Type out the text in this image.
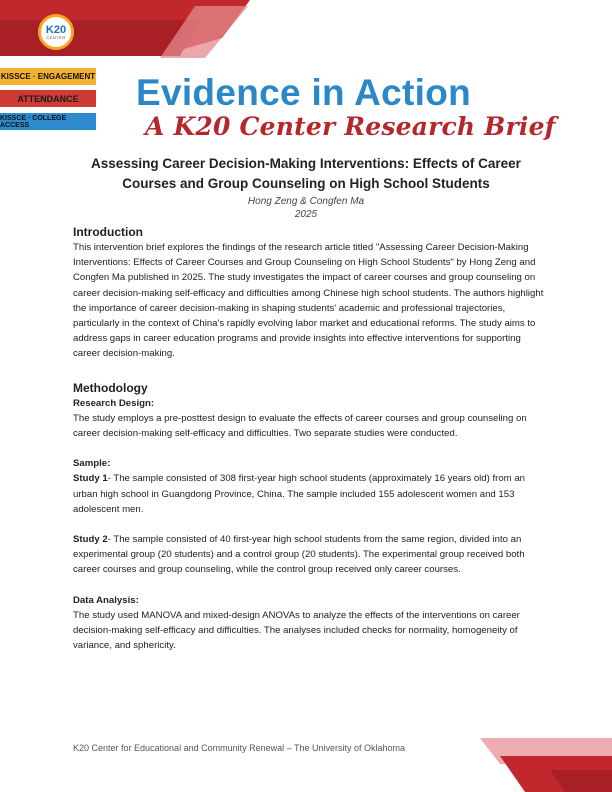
K20
CENTER
KISSCE · ENGAGEMENT
ATTENDANCE
KISSCE · COLLEGE ACCESS
Evidence in Action
A K20 Center Research Brief
Assessing Career Decision-Making Interventions: Effects of Career
Courses and Group Counseling on High School Students
Hong Zeng & Congfen Ma
2025
Introduction

This intervention brief explores the findings of the research article titled "Assessing Career Decision-Making Interventions: Effects of Career Courses and Group Counseling on High School Students" by Hong Zeng and Congfen Ma published in 2025. The study investigates the impact of career courses and group counseling on career decision-making self-efficacy and difficulties among Chinese high school students. The authors highlight the importance of career decision-making in shaping students' academic and professional trajectories, particularly in the context of China's rapidly evolving labor market and educational reforms. The study aims to address gaps in career education programs and provide insights into effective interventions for supporting career decision-making.

Methodology
Research Design:

The study employs a pre-posttest design to evaluate the effects of career courses and group counseling on career decision-making self-efficacy and difficulties. Two separate studies were conducted.

Sample:

Study 1- The sample consisted of 308 first-year high school students (approximately 16 years old) from an urban high school in Guangdong Province, China. The sample included 155 adolescent women and 153 adolescent men.

Study 2- The sample consisted of 40 first-year high school students from the same region, divided into an experimental group (20 students) and a control group (20 students). The experimental group received both career courses and group counseling, while the control group received only career courses.

Data Analysis:

The study used MANOVA and mixed-design ANOVAs to analyze the effects of the interventions on career decision-making self-efficacy and difficulties. The analyses included checks for normality, homogeneity of variance, and sphericity.

K20 Center for Educational and Community Renewal – The University of Oklahoma
